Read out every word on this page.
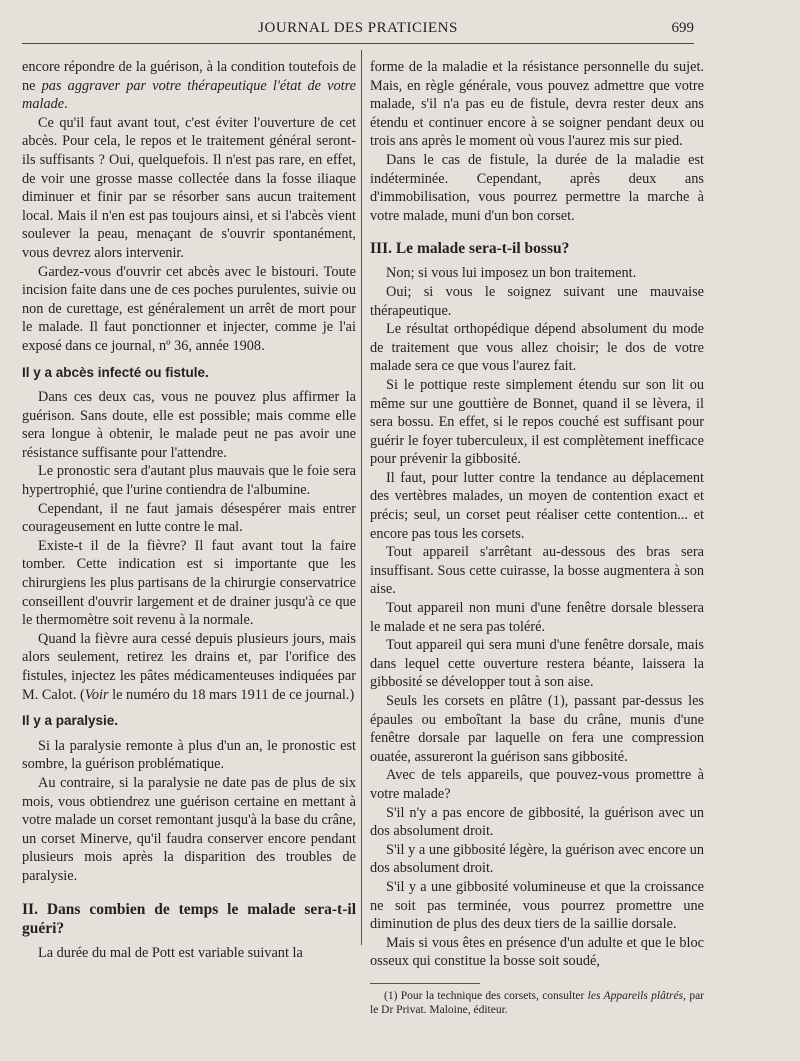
JOURNAL DES PRATICIENS	699

encore répondre de la guérison, à la condition toutefois de ne pas aggraver par votre thérapeutique l'état de votre malade.

Ce qu'il faut avant tout, c'est éviter l'ouverture de cet abcès. Pour cela, le repos et le traitement général seront-ils suffisants ? Oui, quelquefois. Il n'est pas rare, en effet, de voir une grosse masse collectée dans la fosse iliaque diminuer et finir par se résorber sans aucun traitement local. Mais il n'en est pas toujours ainsi, et si l'abcès vient soulever la peau, menaçant de s'ouvrir spontanément, vous devrez alors intervenir.

Gardez-vous d'ouvrir cet abcès avec le bistouri. Toute incision faite dans une de ces poches purulentes, suivie ou non de curettage, est généralement un arrêt de mort pour le malade. Il faut ponctionner et injecter, comme je l'ai exposé dans ce journal, nº 36, année 1908.

Il y a abcès infecté ou fistule.

Dans ces deux cas, vous ne pouvez plus affirmer la guérison. Sans doute, elle est possible; mais comme elle sera longue à obtenir, le malade peut ne pas avoir une résistance suffisante pour l'attendre.

Le pronostic sera d'autant plus mauvais que le foie sera hypertrophié, que l'urine contiendra de l'albumine.

Cependant, il ne faut jamais désespérer mais entrer courageusement en lutte contre le mal.

Existe-t il de la fièvre? Il faut avant tout la faire tomber. Cette indication est si importante que les chirurgiens les plus partisans de la chirurgie conservatrice conseillent d'ouvrir largement et de drainer jusqu'à ce que le thermomètre soit revenu à la normale.

Quand la fièvre aura cessé depuis plusieurs jours, mais alors seulement, retirez les drains et, par l'orifice des fistules, injectez les pâtes médicamenteuses indiquées par M. Calot. (Voir le numéro du 18 mars 1911 de ce journal.)

Il y a paralysie.

Si la paralysie remonte à plus d'un an, le pronostic est sombre, la guérison problématique.

Au contraire, si la paralysie ne date pas de plus de six mois, vous obtiendrez une guérison certaine en mettant à votre malade un corset remontant jusqu'à la base du crâne, un corset Minerve, qu'il faudra conserver encore pendant plusieurs mois après la disparition des troubles de paralysie.

II. Dans combien de temps le malade sera-t-il guéri?

La durée du mal de Pott est variable suivant la

forme de la maladie et la résistance personnelle du sujet. Mais, en règle générale, vous pouvez admettre que votre malade, s'il n'a pas eu de fistule, devra rester deux ans étendu et continuer encore à se soigner pendant deux ou trois ans après le moment où vous l'aurez mis sur pied.

Dans le cas de fistule, la durée de la maladie est indéterminée. Cependant, après deux ans d'immobilisation, vous pourrez permettre la marche à votre malade, muni d'un bon corset.

III. Le malade sera-t-il bossu?

Non; si vous lui imposez un bon traitement.

Oui; si vous le soignez suivant une mauvaise thérapeutique.

Le résultat orthopédique dépend absolument du mode de traitement que vous allez choisir; le dos de votre malade sera ce que vous l'aurez fait.

Si le pottique reste simplement étendu sur son lit ou même sur une gouttière de Bonnet, quand il se lèvera, il sera bossu. En effet, si le repos couché est suffisant pour guérir le foyer tuberculeux, il est complètement inefficace pour prévenir la gibbosité.

Il faut, pour lutter contre la tendance au déplacement des vertèbres malades, un moyen de contention exact et précis; seul, un corset peut réaliser cette contention... et encore pas tous les corsets.

Tout appareil s'arrêtant au-dessous des bras sera insuffisant. Sous cette cuirasse, la bosse augmentera à son aise.

Tout appareil non muni d'une fenêtre dorsale blessera le malade et ne sera pas toléré.

Tout appareil qui sera muni d'une fenêtre dorsale, mais dans lequel cette ouverture restera béante, laissera la gibbosité se développer tout à son aise.

Seuls les corsets en plâtre (1), passant par-dessus les épaules ou emboîtant la base du crâne, munis d'une fenêtre dorsale par laquelle on fera une compression ouatée, assureront la guérison sans gibbosité.

Avec de tels appareils, que pouvez-vous promettre à votre malade?

S'il n'y a pas encore de gibbosité, la guérison avec un dos absolument droit.

S'il y a une gibbosité légère, la guérison avec encore un dos absolument droit.

S'il y a une gibbosité volumineuse et que la croissance ne soit pas terminée, vous pourrez promettre une diminution de plus des deux tiers de la saillie dorsale.

Mais si vous êtes en présence d'un adulte et que le bloc osseux qui constitue la bosse soit soudé,

(1) Pour la technique des corsets, consulter les Appareils plâtrés, par le Dr Privat. Maloine, éditeur.
